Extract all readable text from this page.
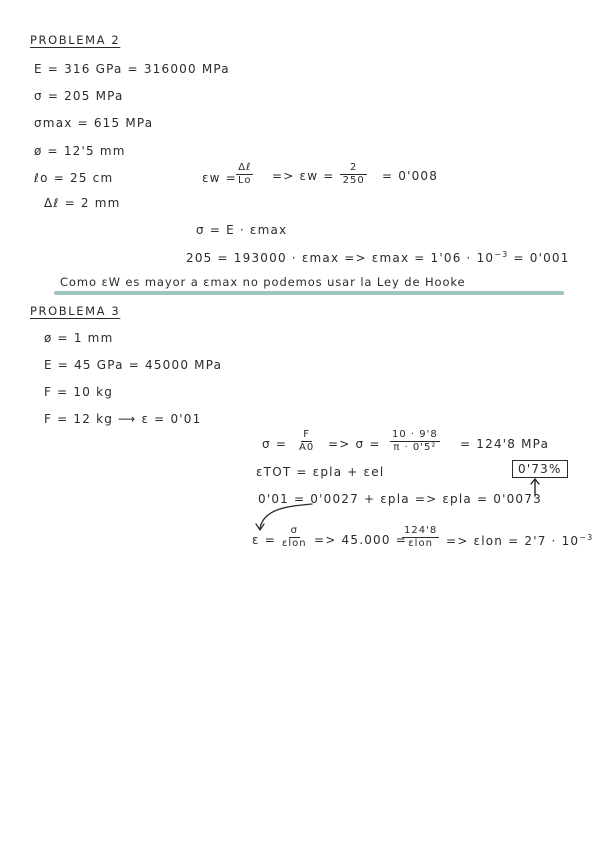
PROBLEMA 2
E = 316 GPa = 316000 MPa
σ = 205 MPa
σmax = 615 MPa
ø = 12'5 mm
ℓo = 25 cm
Δℓ = 2 mm
εw =
Δℓ
$Lo => \varepsilon w = \frac{2}{250} = 0'008$
σ = E · εmax
$205 = 193000 \cdot \varepsilon\max => \varepsilon\max = 1'06 \cdot 10^{-3} = 0'001$
Como εW es mayor a εmax no podemos usar la Ley de Hooke
PROBLEMA 3
ø = 1 mm
E = 45 GPa = 45000 MPa
F = 10 kg
F = 12 kg ⟶ ε = 0'01
$\sigma = \frac{F}{A0} => \sigma = \frac{10 \cdot 9'8}{\text{π · 0'5²}} = 124'8$ MPa
εTOT = εpla + εel	0'73%
0'01 = 0'0027 + εpla => εpla = 0'0073
ε =
σ
εlon => 45.000 =
124'8
$\varepsilon lon => \varepsilon lon = 2'7 \cdot 10^{-3}$
